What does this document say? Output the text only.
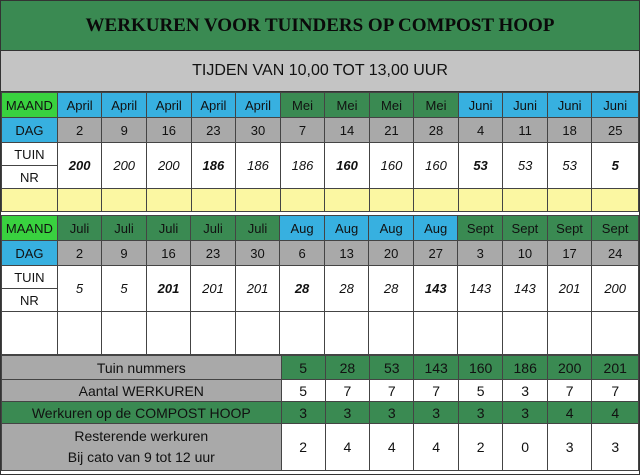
WERKUREN VOOR TUINDERS OP COMPOST HOOP
TIJDEN VAN 10,00 TOT 13,00 UUR
MAAND	April	April	April	April	April	Mei	Mei	Mei	Mei	Juni	Juni	Juni	Juni
DAG	2	9	16	23	30	7	14	21	28	4	11	18	25
TUIN	200	200	200	186	186	186	160	160	160	53	53	53	5
NR													

MAAND	Juli	Juli	Juli	Juli	Juli	Aug	Aug	Aug	Aug	Sept	Sept	Sept	Sept
DAG	2	9	16	23	30	6	13	20	27	3	10	17	24
TUIN	5	5	201	201	201	28	28	28	143	143	143	201	200
NR													

Tuin nummers	5	28	53	143	160	186	200	201
Aantal WERKUREN	5	7	7	7	5	3	7	7
Werkuren op de COMPOST HOOP	3	3	3	3	3	3	4	4

Resterende werkuren
Bij cato van 9 tot 12 uur	2	4	4	4	2	0	3	3
